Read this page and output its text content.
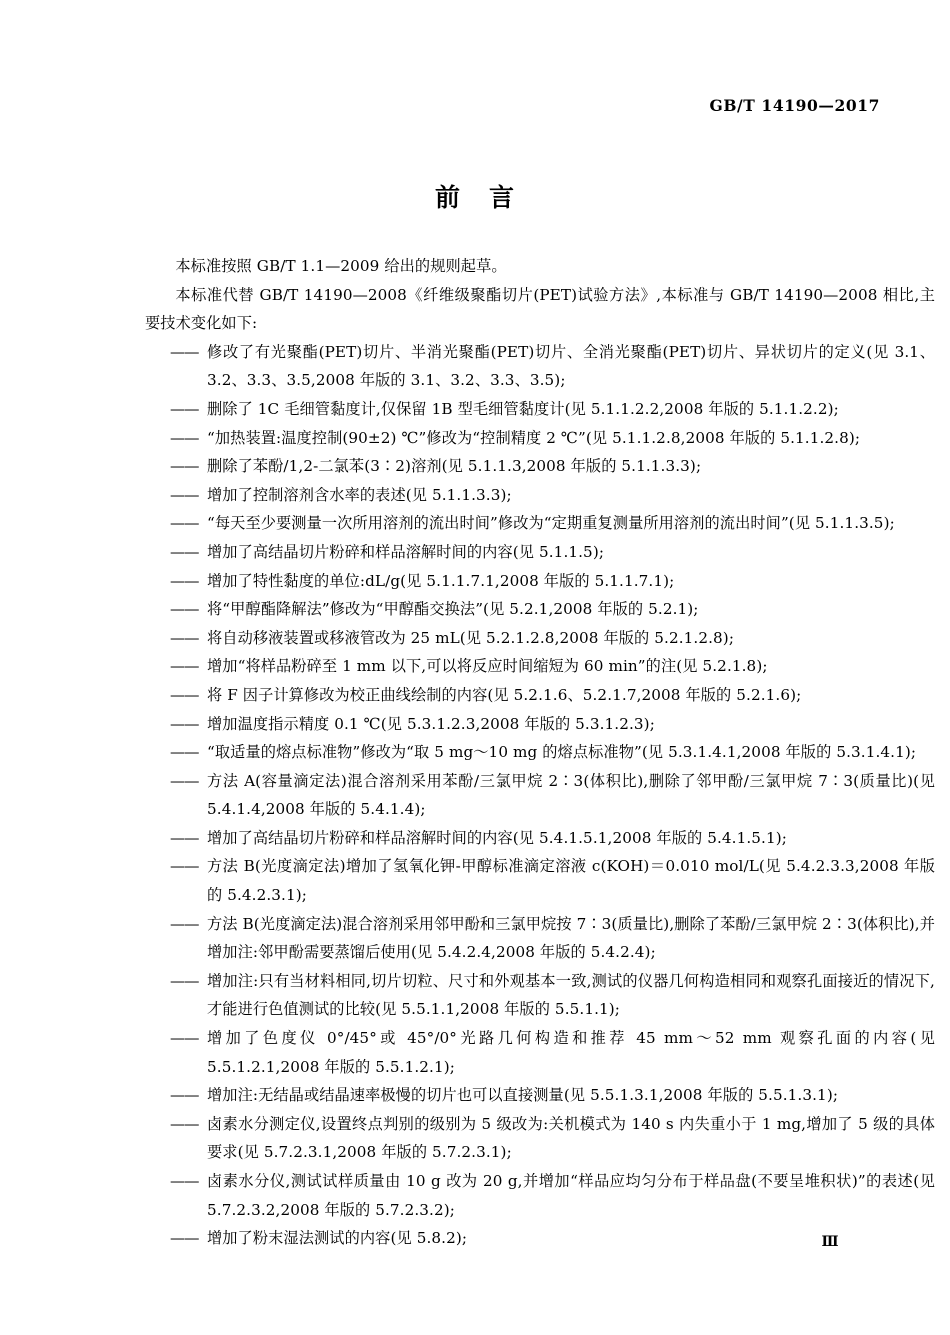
GB/T 14190—2017
前 言

本标准按照 GB/T 1.1—2009 给出的规则起草。

本标准代替 GB/T 14190—2008《纤维级聚酯切片(PET)试验方法》,本标准与 GB/T 14190—2008 相比,主要技术变化如下:

—— 修改了有光聚酯(PET)切片、半消光聚酯(PET)切片、全消光聚酯(PET)切片、异状切片的定义(见 3.1、3.2、3.3、3.5,2008 年版的 3.1、3.2、3.3、3.5);
—— 删除了 1C 毛细管黏度计,仅保留 1B 型毛细管黏度计(见 5.1.1.2.2,2008 年版的 5.1.1.2.2);
—— “加热装置:温度控制(90±2) ℃”修改为“控制精度 2 ℃”(见 5.1.1.2.8,2008 年版的 5.1.1.2.8);
—— 删除了苯酚/1,2-二氯苯(3∶2)溶剂(见 5.1.1.3,2008 年版的 5.1.1.3.3);
—— 增加了控制溶剂含水率的表述(见 5.1.1.3.3);
—— “每天至少要测量一次所用溶剂的流出时间”修改为“定期重复测量所用溶剂的流出时间”(见 5.1.1.3.5);
—— 增加了高结晶切片粉碎和样品溶解时间的内容(见 5.1.1.5);
—— 增加了特性黏度的单位:dL/g(见 5.1.1.7.1,2008 年版的 5.1.1.7.1);
—— 将“甲醇酯降解法”修改为“甲醇酯交换法”(见 5.2.1,2008 年版的 5.2.1);
—— 将自动移液装置或移液管改为 25 mL(见 5.2.1.2.8,2008 年版的 5.2.1.2.8);
—— 增加“将样品粉碎至 1 mm 以下,可以将反应时间缩短为 60 min”的注(见 5.2.1.8);
—— 将 F 因子计算修改为校正曲线绘制的内容(见 5.2.1.6、5.2.1.7,2008 年版的 5.2.1.6);
—— 增加温度指示精度 0.1 ℃(见 5.3.1.2.3,2008 年版的 5.3.1.2.3);
—— “取适量的熔点标准物”修改为“取 5 mg～10 mg 的熔点标准物”(见 5.3.1.4.1,2008 年版的 5.3.1.4.1);
—— 方法 A(容量滴定法)混合溶剂采用苯酚/三氯甲烷 2∶3(体积比),删除了邻甲酚/三氯甲烷 7∶3(质量比)(见 5.4.1.4,2008 年版的 5.4.1.4);
—— 增加了高结晶切片粉碎和样品溶解时间的内容(见 5.4.1.5.1,2008 年版的 5.4.1.5.1);
—— 方法 B(光度滴定法)增加了氢氧化钾-甲醇标准滴定溶液 c(KOH)＝0.010 mol/L(见 5.4.2.3.3,2008 年版的 5.4.2.3.1);
—— 方法 B(光度滴定法)混合溶剂采用邻甲酚和三氯甲烷按 7∶3(质量比),删除了苯酚/三氯甲烷 2∶3(体积比),并增加注:邻甲酚需要蒸馏后使用(见 5.4.2.4,2008 年版的 5.4.2.4);
—— 增加注:只有当材料相同,切片切粒、尺寸和外观基本一致,测试的仪器几何构造相同和观察孔面接近的情况下,才能进行色值测试的比较(见 5.5.1.1,2008 年版的 5.5.1.1);
—— 增加了色度仪 0°/45°或 45°/0°光路几何构造和推荐 45 mm～52 mm 观察孔面的内容(见 5.5.1.2.1,2008 年版的 5.5.1.2.1);
—— 增加注:无结晶或结晶速率极慢的切片也可以直接测量(见 5.5.1.3.1,2008 年版的 5.5.1.3.1);
—— 卤素水分测定仪,设置终点判别的级别为 5 级改为:关机模式为 140 s 内失重小于 1 mg,增加了 5 级的具体要求(见 5.7.2.3.1,2008 年版的 5.7.2.3.1);
—— 卤素水分仪,测试试样质量由 10 g 改为 20 g,并增加“样品应均匀分布于样品盘(不要呈堆积状)”的表述(见 5.7.2.3.2,2008 年版的 5.7.2.3.2);
—— 增加了粉末湿法测试的内容(见 5.8.2);	Ⅲ
